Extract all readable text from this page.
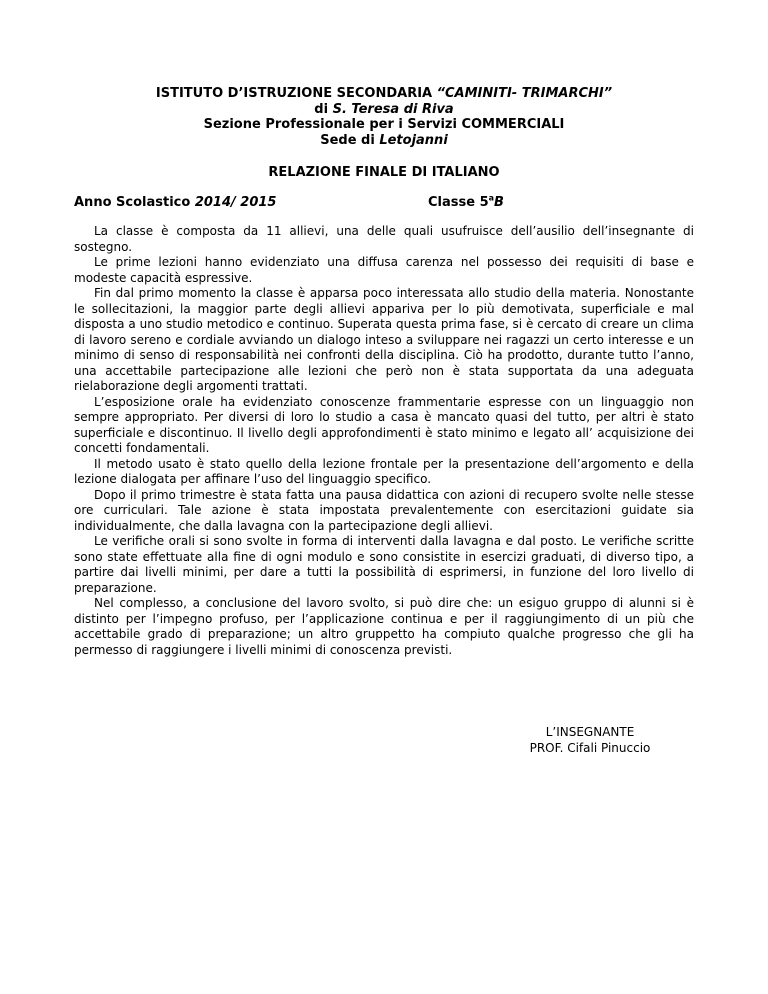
ISTITUTO D’ISTRUZIONE SECONDARIA “CAMINITI- TRIMARCHI”
di S. Teresa di Riva
Sezione Professionale per i Servizi COMMERCIALI
Sede di Letojanni
RELAZIONE FINALE DI ITALIANO
Anno Scolastico 2014/ 2015	Classe 5$^a$B

La classe è composta da 11 allievi, una delle quali usufruisce dell’ausilio dell’insegnante di sostegno.

Le prime lezioni hanno evidenziato una diffusa carenza nel possesso dei requisiti di base e modeste capacità espressive.

Fin dal primo momento la classe è apparsa poco interessata allo studio della materia. Nonostante le sollecitazioni, la maggior parte degli allievi appariva per lo più demotivata, superficiale e mal disposta a uno studio metodico e continuo. Superata questa prima fase, si è cercato di creare un clima di lavoro sereno e cordiale avviando un dialogo inteso a sviluppare nei ragazzi un certo interesse e un minimo di senso di responsabilità nei confronti della disciplina. Ciò ha prodotto, durante tutto l’anno, una accettabile partecipazione alle lezioni che però non è stata supportata da una adeguata rielaborazione degli argomenti trattati.

L’esposizione orale ha evidenziato conoscenze frammentarie espresse con un linguaggio non sempre appropriato. Per diversi di loro lo studio a casa è mancato quasi del tutto, per altri è stato superficiale e discontinuo. Il livello degli approfondimenti è stato minimo e legato all’ acquisizione dei concetti fondamentali.

Il metodo usato è stato quello della lezione frontale per la presentazione dell’argomento e della lezione dialogata per affinare l’uso del linguaggio specifico.

Dopo il primo trimestre è stata fatta una pausa didattica con azioni di recupero svolte nelle stesse ore curriculari. Tale azione è stata impostata prevalentemente con esercitazioni guidate sia individualmente, che dalla lavagna con la partecipazione degli allievi.

Le verifiche orali si sono svolte in forma di interventi dalla lavagna e dal posto. Le verifiche scritte sono state effettuate alla fine di ogni modulo e sono consistite in esercizi graduati, di diverso tipo, a partire dai livelli minimi, per dare a tutti la possibilità di esprimersi, in funzione del loro livello di preparazione.

Nel complesso, a conclusione del lavoro svolto, si può dire che: un esiguo gruppo di alunni si è distinto per l’impegno profuso, per l’applicazione continua e per il raggiungimento di un più che accettabile grado di preparazione; un altro gruppetto ha compiuto qualche progresso che gli ha permesso di raggiungere i livelli minimi di conoscenza previsti.

L’INSEGNANTE
PROF. Cifali Pinuccio
